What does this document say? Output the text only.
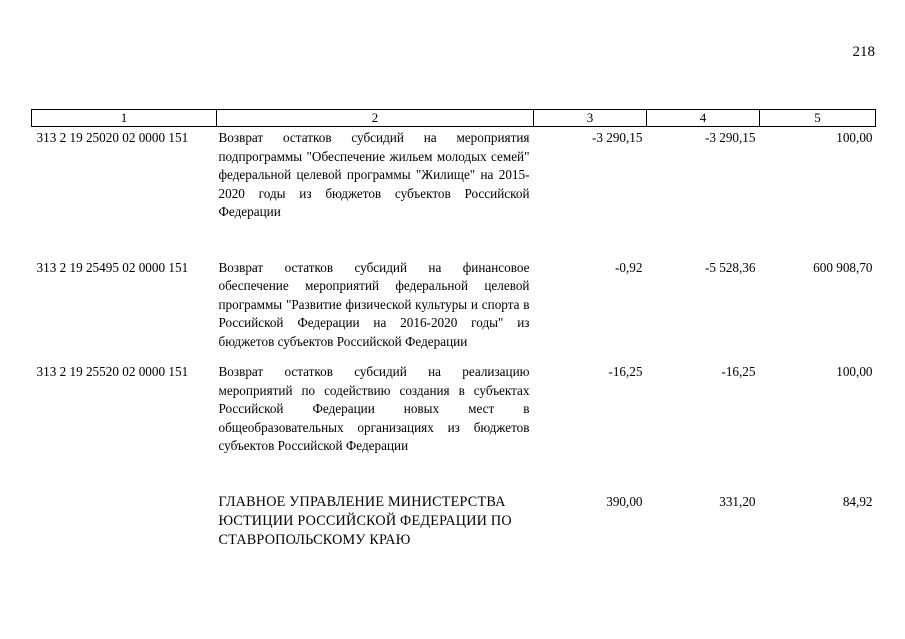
218
1	2	3	4	5
313 2 19 25020 02 0000 151	Возврат остатков субсидий на мероприятия подпрограммы "Обеспечение жильем молодых семей" федеральной целевой программы "Жилище" на 2015-2020 годы из бюджетов субъектов Российской Федерации	-3 290,15	-3 290,15	100,00
313 2 19 25495 02 0000 151	Возврат остатков субсидий на финансовое обеспечение мероприятий федеральной целевой программы "Развитие физической культуры и спорта в Российской Федерации на 2016-2020 годы" из бюджетов субъектов Российской Федерации	-0,92	-5 528,36	600 908,70
313 2 19 25520 02 0000 151	Возврат остатков субсидий на реализацию мероприятий по содействию создания в субъектах Российской Федерации новых мест в общеобразовательных организациях из бюджетов субъектов Российской Федерации	-16,25	-16,25	100,00
	ГЛАВНОЕ УПРАВЛЕНИЕ МИНИСТЕРСТВА ЮСТИЦИИ РОССИЙСКОЙ ФЕДЕРАЦИИ ПО СТАВРОПОЛЬСКОМУ КРАЮ	390,00	331,20	84,92
